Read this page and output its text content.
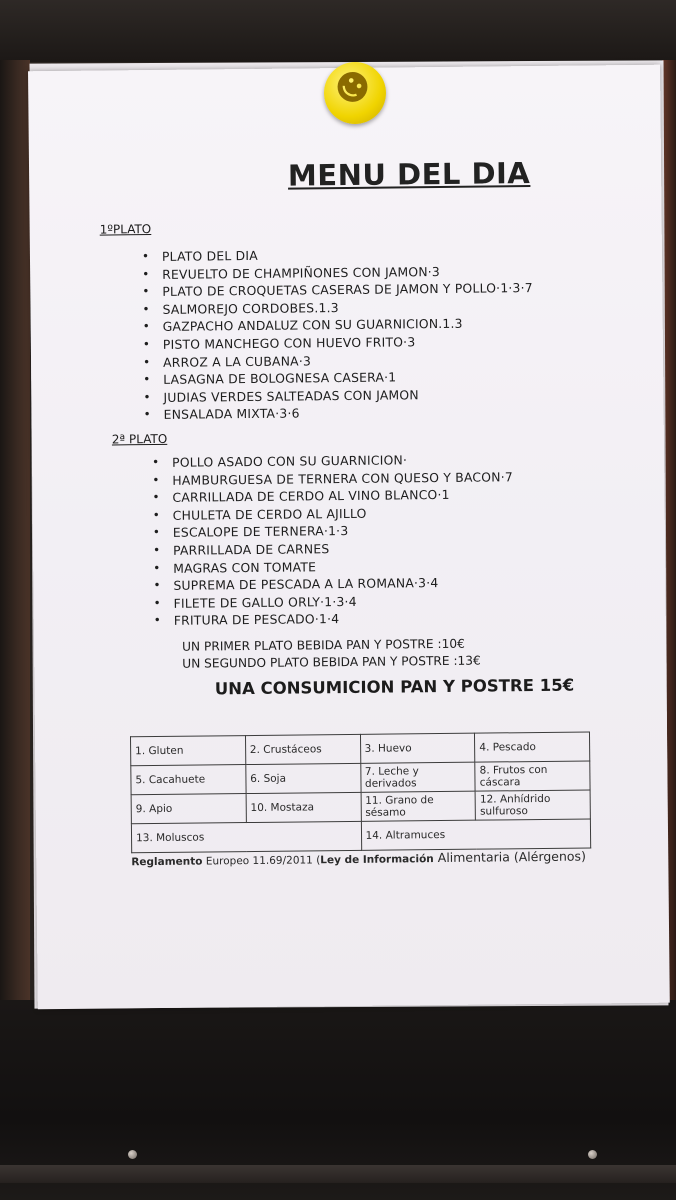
MENU DEL DIA
1ºPLATO
• PLATO DEL DIA
• REVUELTO DE CHAMPIÑONES CON JAMON·3
• PLATO DE CROQUETAS CASERAS DE JAMON Y POLLO·1·3·7
• SALMOREJO CORDOBES.1.3
• GAZPACHO ANDALUZ CON SU GUARNICION.1.3
• PISTO MANCHEGO CON HUEVO FRITO·3
• ARROZ A LA CUBANA·3
• LASAGNA DE BOLOGNESA CASERA·1
• JUDIAS VERDES SALTEADAS CON JAMON
• ENSALADA MIXTA·3·6
2ª PLATO
• POLLO ASADO CON SU GUARNICION·
• HAMBURGUESA DE TERNERA CON QUESO Y BACON·7
• CARRILLADA DE CERDO AL VINO BLANCO·1
• CHULETA DE CERDO AL AJILLO
• ESCALOPE DE TERNERA·1·3
• PARRILLADA DE CARNES
• MAGRAS CON TOMATE
• SUPREMA DE PESCADA A LA ROMANA·3·4
• FILETE DE GALLO ORLY·1·3·4
• FRITURA DE PESCADO·1·4
UN PRIMER PLATO BEBIDA PAN Y POSTRE :10€
UN SEGUNDO PLATO BEBIDA PAN Y POSTRE :13€
UNA CONSUMICION PAN Y POSTRE 15€
1. Gluten	2. Crustáceos	3. Huevo	4. Pescado
5. Cacahuete	6. Soja	7. Leche y derivados	8. Frutos con cáscara
9. Apio	10. Mostaza	11. Grano de sésamo	12. Anhídrido sulfuroso
13. Moluscos		14. Altramuces	
Reglamento Europeo 11.69/2011 (Ley de Información Alimentaria (Alérgenos)
☻
